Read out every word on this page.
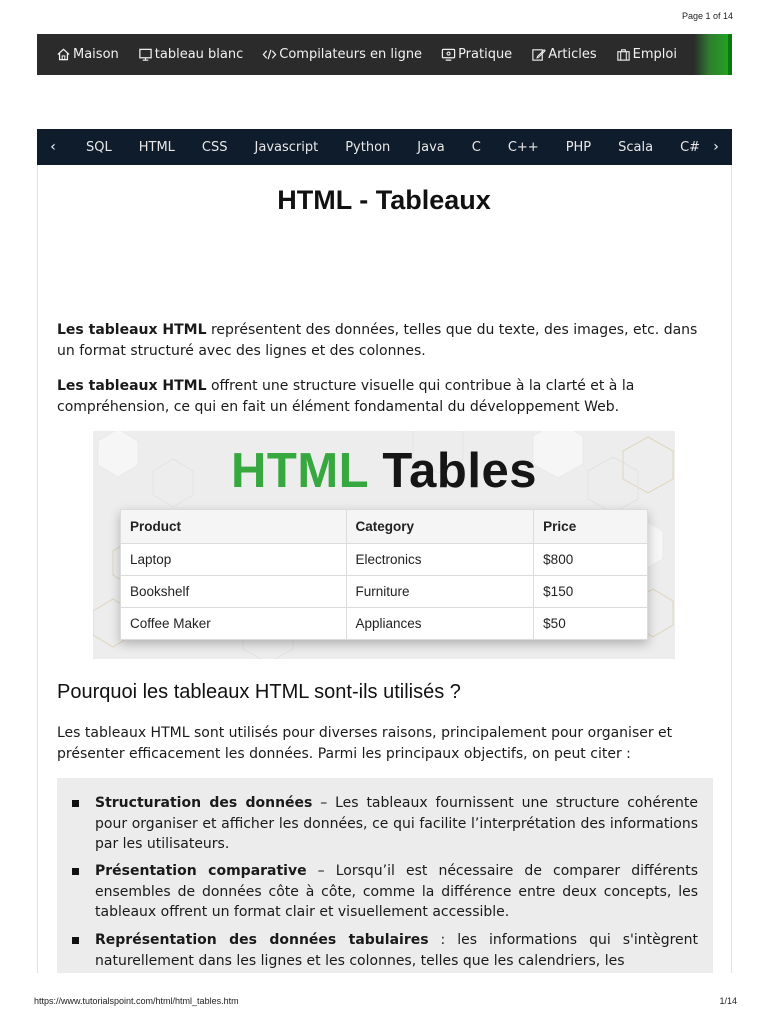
Page 1 of 14
Maison	tableau blanc	Compilateurs en ligne	Pratique	Articles	Emploi
‹	SQL HTML CSS Javascript Python Java C C++ PHP Scala C# ›
HTML - Tableaux

Les tableaux HTML représentent des données, telles que du texte, des images, etc. dans un format structuré avec des lignes et des colonnes.

Les tableaux HTML offrent une structure visuelle qui contribue à la clarté et à la compréhension, ce qui en fait un élément fondamental du développement Web.

HTML Tables
Product	Category	Price
Laptop	Electronics	$800
Bookshelf	Furniture	$150
Coffee Maker	Appliances	$50
Pourquoi les tableaux HTML sont-ils utilisés ?

Les tableaux HTML sont utilisés pour diverses raisons, principalement pour organiser et présenter efficacement les données. Parmi les principaux objectifs, on peut citer :

Structuration des données – Les tableaux fournissent une structure cohérente pour organiser et afficher les données, ce qui facilite l’interprétation des informations par les utilisateurs.
Présentation comparative – Lorsqu’il est nécessaire de comparer différents ensembles de données côte à côte, comme la différence entre deux concepts, les tableaux offrent un format clair et visuellement accessible.
Représentation des données tabulaires : les informations qui s'intègrent naturellement dans les lignes et les colonnes, telles que les calendriers, les
https://www.tutorialspoint.com/html/html_tables.htm	1/14
